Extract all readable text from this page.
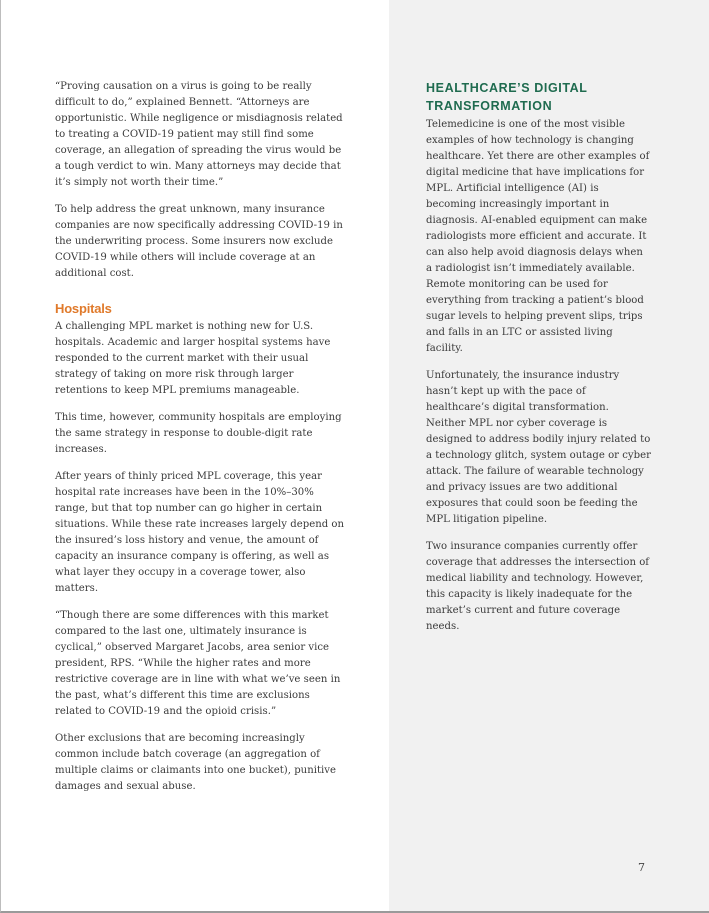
“Proving causation on a virus is going to be really difficult to do,” explained Bennett. “Attorneys are opportunistic. While negligence or misdiagnosis related to treating a COVID-19 patient may still find some coverage, an allegation of spreading the virus would be a tough verdict to win. Many attorneys may decide that it’s simply not worth their time.”

To help address the great unknown, many insurance companies are now specifically addressing COVID-19 in the underwriting process. Some insurers now exclude COVID-19 while others will include coverage at an additional cost.

Hospitals

A challenging MPL market is nothing new for U.S. hospitals. Academic and larger hospital systems have responded to the current market with their usual strategy of taking on more risk through larger retentions to keep MPL premiums manageable.

This time, however, community hospitals are employing the same strategy in response to double-digit rate increases.

After years of thinly priced MPL coverage, this year hospital rate increases have been in the 10%–30% range, but that top number can go higher in certain situations. While these rate increases largely depend on the insured’s loss history and venue, the amount of capacity an insurance company is offering, as well as what layer they occupy in a coverage tower, also matters.

“Though there are some differences with this market compared to the last one, ultimately insurance is cyclical,” observed Margaret Jacobs, area senior vice president, RPS. “While the higher rates and more restrictive coverage are in line with what we’ve seen in the past, what’s different this time are exclusions related to COVID-19 and the opioid crisis.”

Other exclusions that are becoming increasingly common include batch coverage (an aggregation of multiple claims or claimants into one bucket), punitive damages and sexual abuse.

HEALTHCARE’S DIGITAL
TRANSFORMATION

Telemedicine is one of the most visible examples of how technology is changing healthcare. Yet there are other examples of digital medicine that have implications for MPL. Artificial intelligence (AI) is becoming increasingly important in diagnosis. AI-enabled equipment can make radiologists more efficient and accurate. It can also help avoid diagnosis delays when a radiologist isn’t immediately available. Remote monitoring can be used for everything from tracking a patient’s blood sugar levels to helping prevent slips, trips and falls in an LTC or assisted living facility.

Unfortunately, the insurance industry hasn’t kept up with the pace of healthcare’s digital transformation. Neither MPL nor cyber coverage is designed to address bodily injury related to a technology glitch, system outage or cyber attack. The failure of wearable technology and privacy issues are two additional exposures that could soon be feeding the MPL litigation pipeline.

Two insurance companies currently offer coverage that addresses the intersection of medical liability and technology. However, this capacity is likely inadequate for the market’s current and future coverage needs.

7
